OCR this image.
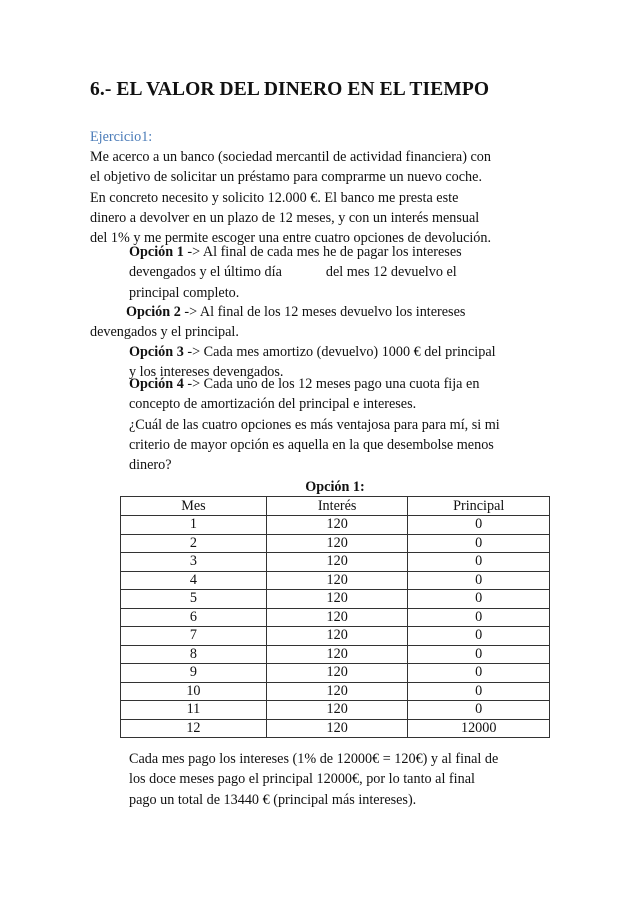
6.- EL VALOR DEL DINERO EN EL TIEMPO
Ejercicio1:
Me acerco a un banco (sociedad mercantil de actividad financiera) con
el objetivo de solicitar un préstamo para comprarme un nuevo coche.
En concreto necesito y solicito 12.000 €. El banco me presta este
dinero a devolver en un plazo de 12 meses, y con un interés mensual
del 1% y me permite escoger una entre cuatro opciones de devolución.
Opción 1 -> Al final de cada mes he de pagar los intereses
devengados y el último día	del mes 12 devuelvo el
principal completo.
Opción 2 -> Al final de los 12 meses devuelvo los intereses
devengados y el principal.
Opción 3 -> Cada mes amortizo (devuelvo) 1000 € del principal
y los intereses devengados.
Opción 4 -> Cada uno de los 12 meses pago una cuota fija en
concepto de amortización del principal e intereses.
¿Cuál de las cuatro opciones es más ventajosa para para mí, si mi
criterio de mayor opción es aquella en la que desembolse menos
dinero?
Opción 1:
Mes	Interés	Principal
1	120	0
2	120	0
3	120	0
4	120	0
5	120	0
6	120	0
7	120	0
8	120	0
9	120	0
10	120	0
11	120	0
12	120	12000
Cada mes pago los intereses (1% de 12000€ = 120€) y al final de
los doce meses pago el principal 12000€, por lo tanto al final
pago un total de 13440 € (principal más intereses).
